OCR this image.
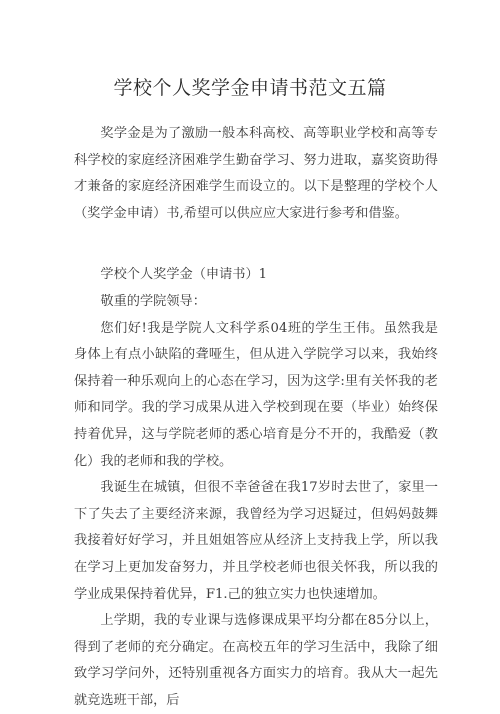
学校个人奖学金申请书范文五篇

奖学金是为了激励一般本科高校、高等职业学校和高等专科学校的家庭经济困难学生勤奋学习、努力进取，嘉奖资助得才兼备的家庭经济困难学生而设立的。以下是整理的学校个人（奖学金申请）书,希望可以供应应大家进行参考和借鉴。

学校个人奖学金（申请书）1

敬重的学院领导：

您们好!我是学院人文科学系04班的学生王伟。虽然我是身体上有点小缺陷的聋哑生，但从进入学院学习以来，我始终保持着一种乐观向上的心态在学习，因为这学:里有关怀我的老师和同学。我的学习成果从进入学校到现在要（毕业）始终保持着优异，这与学院老师的悉心培育是分不开的，我酷爱（教化）我的老师和我的学校。

我诞生在城镇，但很不幸爸爸在我17岁时去世了，家里一下了失去了主要经济来源，我曾经为学习迟疑过，但妈妈鼓舞我接着好好学习，并且姐姐答应从经济上支持我上学，所以我在学习上更加发奋努力，并且学校老师也很关怀我，所以我的学业成果保持着优异，F1.己的独立实力也快速增加。

上学期，我的专业课与选修课成果平均分都在85分以上，得到了老师的充分确定。在高校五年的学习生活中，我除了细致学习学问外，还特别重视各方面实力的培育。我从大一起先就竞选班干部，后
